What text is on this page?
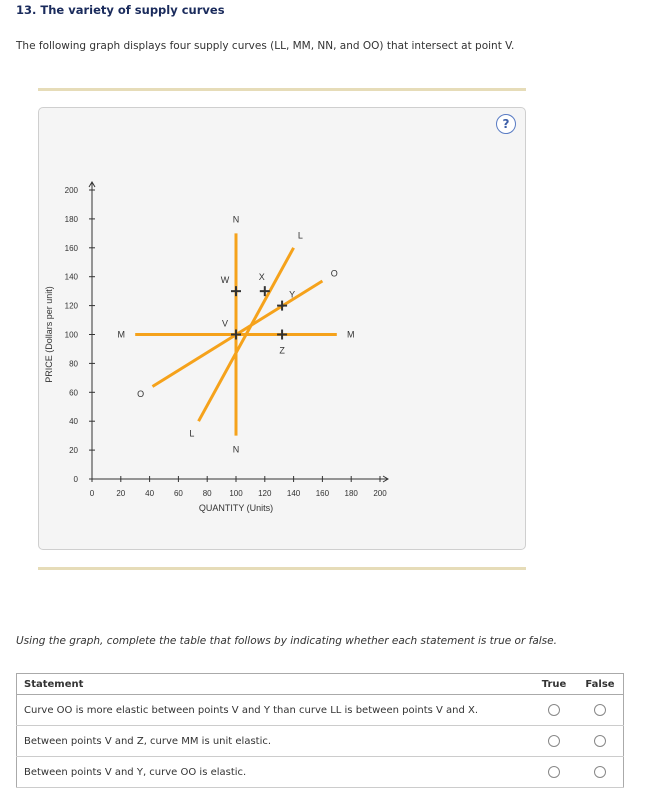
13. The variety of supply curves
The following graph displays four supply curves (LL, MM, NN, and OO) that intersect at point V.
?
0
20
40
60
80
100
120
140
160
180
200
0	20 40 60 80 100 120 140 160 180 200
QUANTITY (Units)
PRICE (Dollars per unit)
L
L
M	M
N
N
O
O
V
W	X
Y
Z
Using the graph, complete the table that follows by indicating whether each statement is true or false.
Statement	True	False
Curve OO is more elastic between points V and Y than curve LL is between points V and X.		
Between points V and Z, curve MM is unit elastic.		
Between points V and Y, curve OO is elastic.		
